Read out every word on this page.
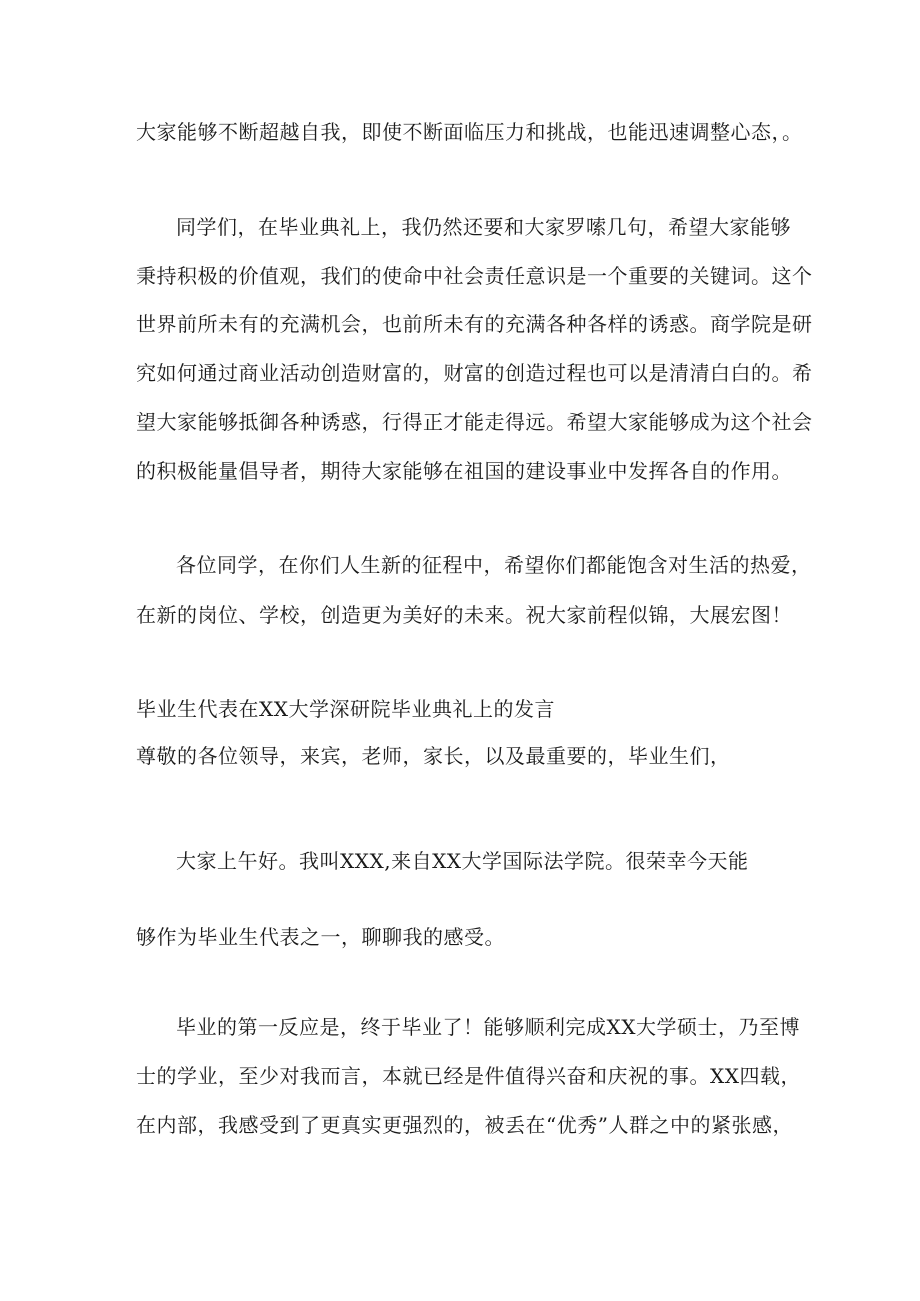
大家能够不断超越自我，即使不断面临压力和挑战，也能迅速调整心态，。
同学们，在毕业典礼上，我仍然还要和大家罗嗦几句，希望大家能够
秉持积极的价值观，我们的使命中社会责任意识是一个重要的关键词。这个
世界前所未有的充满机会，也前所未有的充满各种各样的诱惑。商学院是研
究如何通过商业活动创造财富的，财富的创造过程也可以是清清白白的。希
望大家能够抵御各种诱惑，行得正才能走得远。希望大家能够成为这个社会
的积极能量倡导者，期待大家能够在祖国的建设事业中发挥各自的作用。
各位同学，在你们人生新的征程中，希望你们都能饱含对生活的热爱，
在新的岗位、学校，创造更为美好的未来。祝大家前程似锦，大展宏图！
毕业生代表在XX大学深研院毕业典礼上的发言
尊敬的各位领导，来宾，老师，家长，以及最重要的，毕业生们，
大家上午好。我叫XXX,来自XX大学国际法学院。很荣幸今天能
够作为毕业生代表之一，聊聊我的感受。
毕业的第一反应是，终于毕业了！能够顺利完成XX大学硕士，乃至博
士的学业，至少对我而言，本就已经是件值得兴奋和庆祝的事。XX四载，
在内部，我感受到了更真实更强烈的，被丢在“优秀”人群之中的紧张感，
